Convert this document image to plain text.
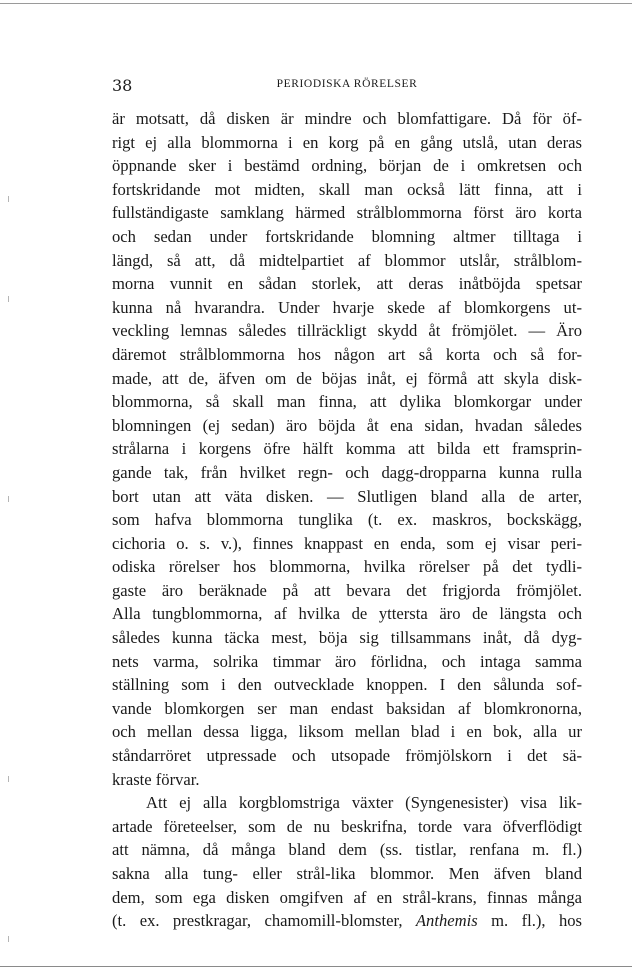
38	PERIODISKA RÖRELSER
är motsatt, då disken är mindre och blomfattigare. Då för öf-
rigt ej alla blommorna i en korg på en gång utslå, utan deras
öppnande sker i bestämd ordning, början de i omkretsen och
fortskridande mot midten, skall man också lätt finna, att i
fullständigaste samklang härmed strålblommorna först äro korta
och sedan under fortskridande blomning altmer tilltaga i
längd, så att, då midtelpartiet af blommor utslår, strålblom-
morna vunnit en sådan storlek, att deras inåtböjda spetsar
kunna nå hvarandra. Under hvarje skede af blomkorgens ut-
veckling lemnas således tillräckligt skydd åt frömjölet. — Äro
däremot strålblommorna hos någon art så korta och så for-
made, att de, äfven om de böjas inåt, ej förmå att skyla disk-
blommorna, så skall man finna, att dylika blomkorgar under
blomningen (ej sedan) äro böjda åt ena sidan, hvadan således
strålarna i korgens öfre hälft komma att bilda ett framsprin-
gande tak, från hvilket regn- och dagg-dropparna kunna rulla
bort utan att väta disken. — Slutligen bland alla de arter,
som hafva blommorna tunglika (t. ex. maskros, bockskägg,
cichoria o. s. v.), finnes knappast en enda, som ej visar peri-
odiska rörelser hos blommorna, hvilka rörelser på det tydli-
gaste äro beräknade på att bevara det frigjorda frömjölet.
Alla tungblommorna, af hvilka de yttersta äro de längsta och
således kunna täcka mest, böja sig tillsammans inåt, då dyg-
nets varma, solrika timmar äro förlidna, och intaga samma
ställning som i den outvecklade knoppen. I den sålunda sof-
vande blomkorgen ser man endast baksidan af blomkronorna,
och mellan dessa ligga, liksom mellan blad i en bok, alla ur
ståndarröret utpressade och utsopade frömjölskorn i det sä-
kraste förvar.
Att ej alla korgblomstriga växter (Syngenesister) visa lik-
artade företeelser, som de nu beskrifna, torde vara öfverflödigt
att nämna, då många bland dem (ss. tistlar, renfana m. fl.)
sakna alla tung- eller strål-lika blommor. Men äfven bland
dem, som ega disken omgifven af en strål-krans, finnas många
(t. ex. prestkragar, chamomill-blomster, Anthemis m. fl.), hos
